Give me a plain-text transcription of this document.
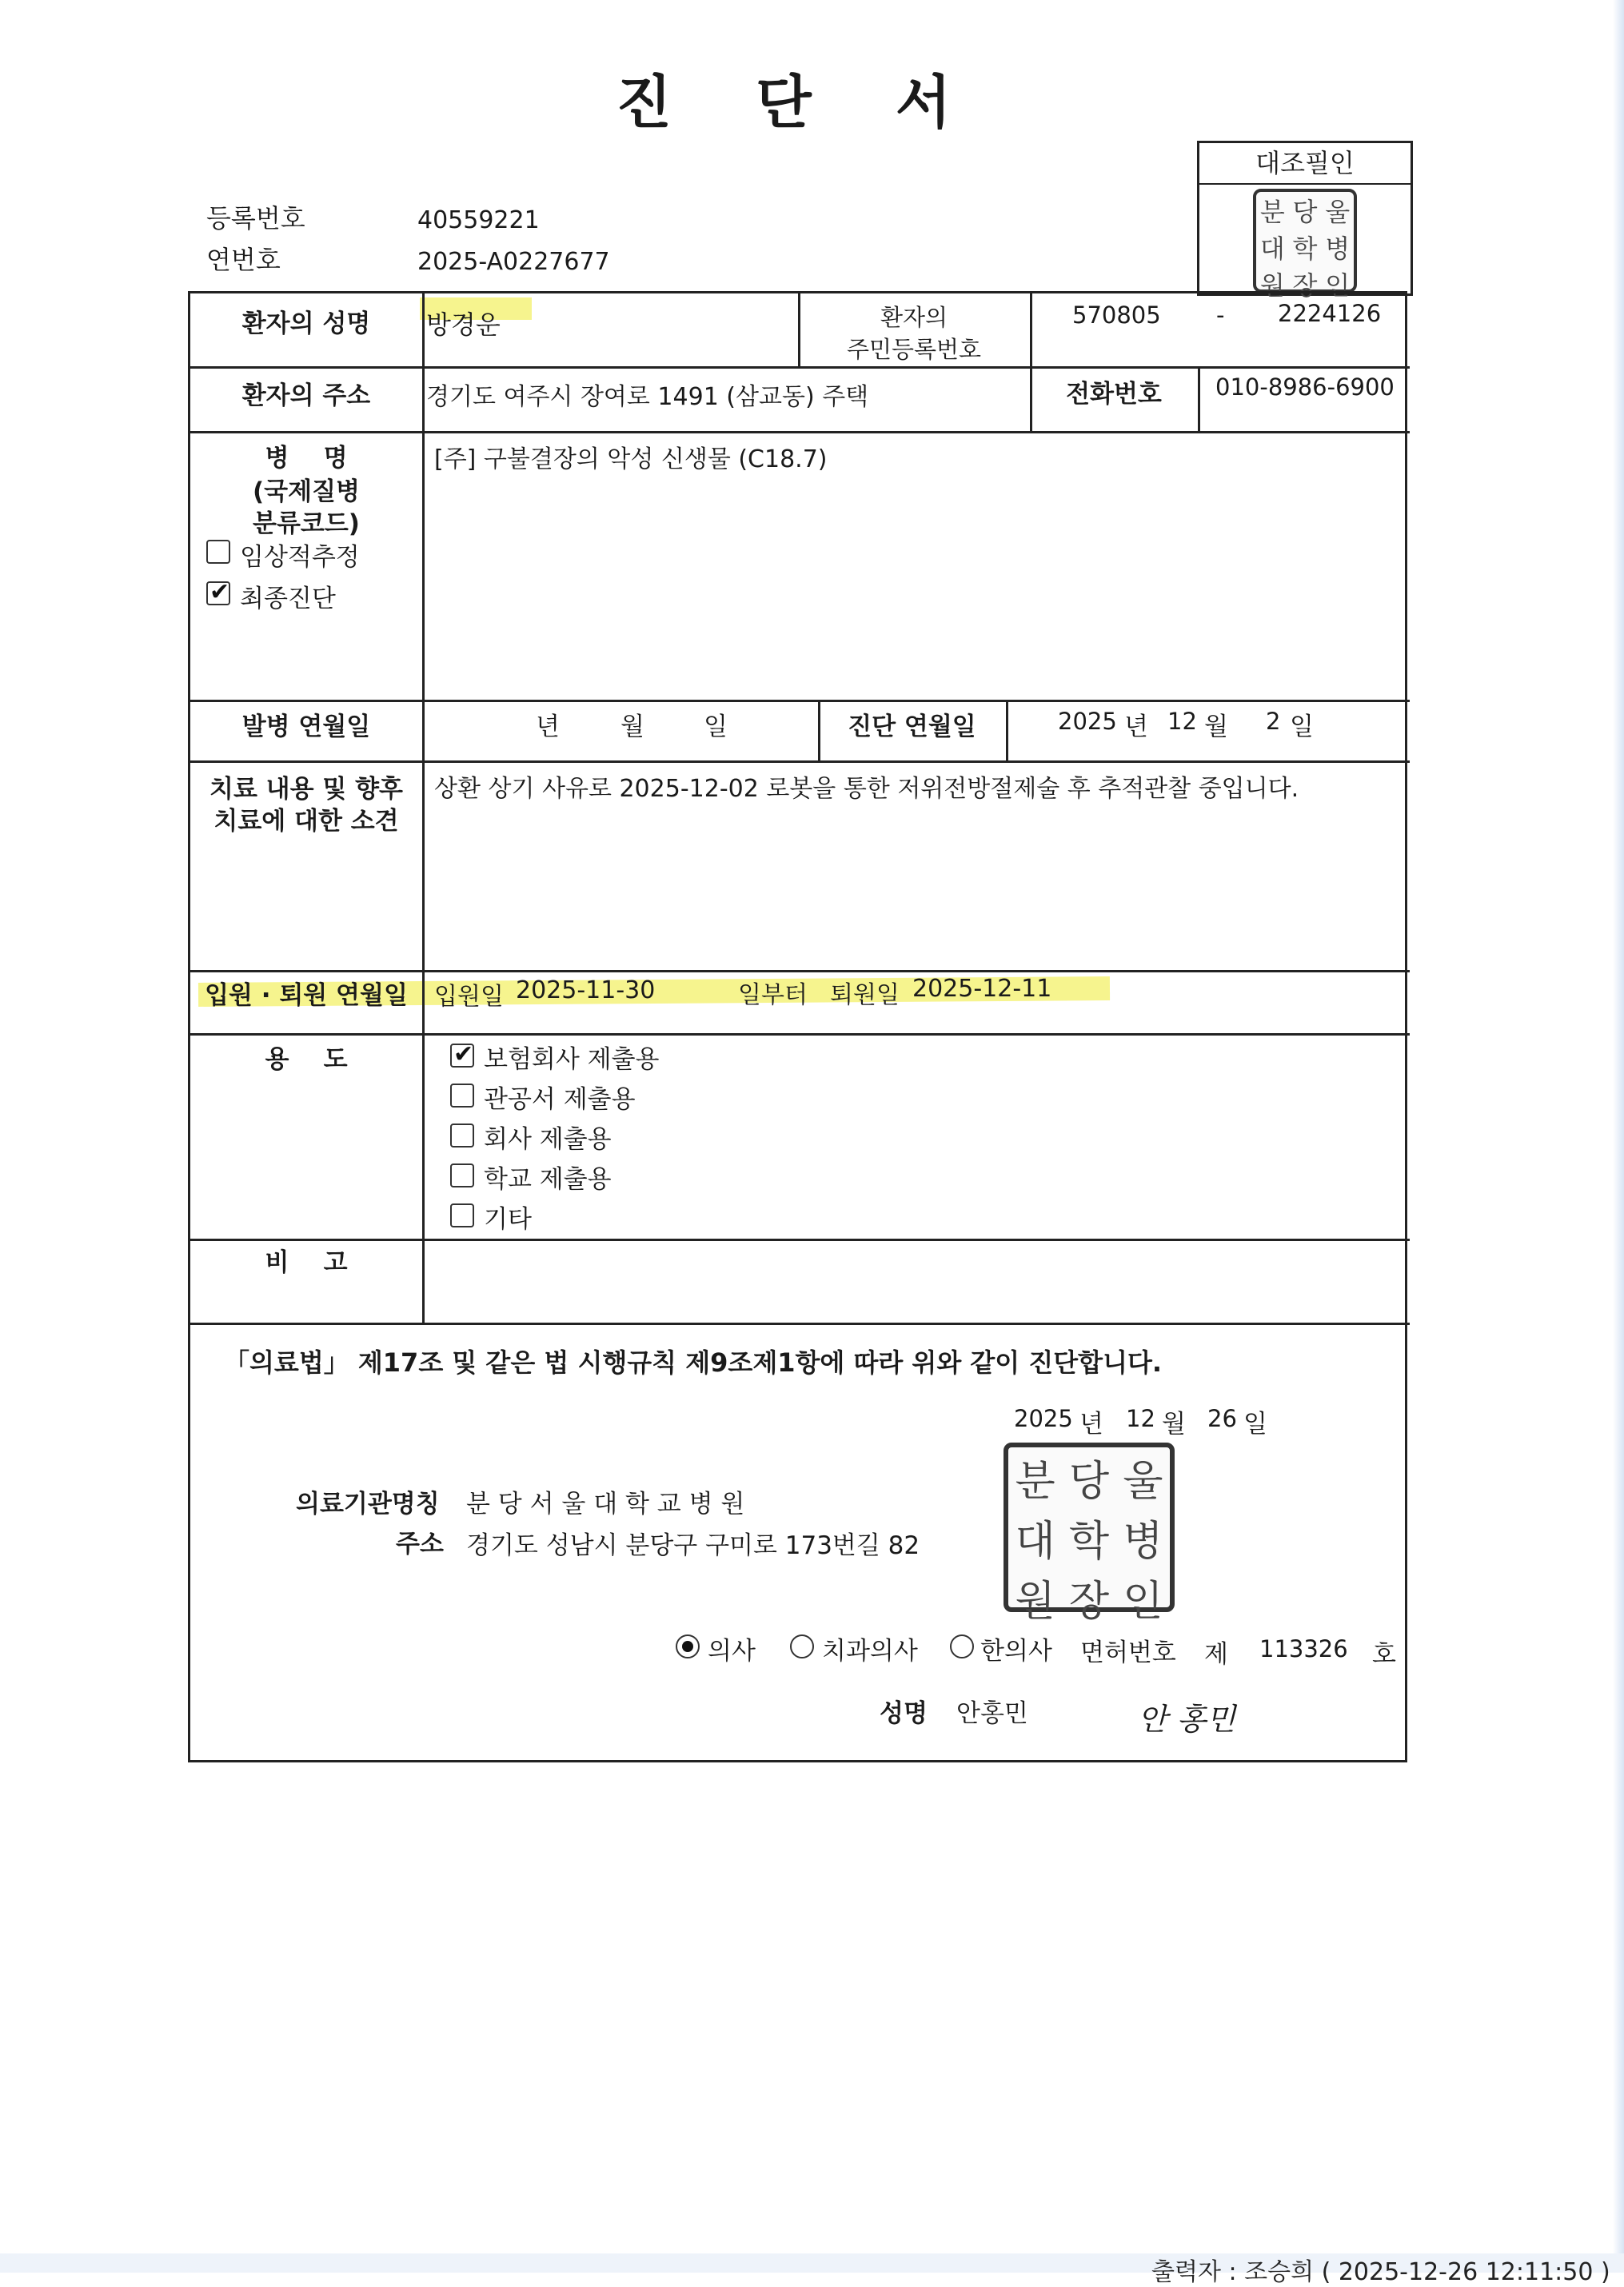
진 단 서
등록번호	40559221
연번호	2025-A0227677
대조필인
분 당 울
대 학 병
원 장 인
환자의 성명	방경운	환자의
주민등록번호
570805 - 2224126
환자의 주소	경기도 여주시 장여로 1491 (삼교동) 주택	전화번호	010-8986-6900
병    명
(국제질병
분류코드)
임상적추정
✔
최종진단
[주] 구불결장의 악성 신생물 (C18.7)
발병 연월일	년 월 일	진단 연월일	2025 년 12 월 2 일
치료 내용 및 향후
치료에 대한 소견
상환 상기 사유로 2025-12-02 로봇을 통한 저위전방절제술 후 추적관찰 중입니다.
입원 · 퇴원 연월일	입원일 2025-11-30	일부터 퇴원일 2025-12-11
용    도
✔	보험회사 제출용
관공서 제출용
회사 제출용
학교 제출용
기타
비    고
「의료법」 제17조 및 같은 법 시행규칙 제9조제1항에 따라 위와 같이 진단합니다.
2025 년 12 월 26 일
의료기관명칭 분 당 서 울 대 학 교 병 원
주소 경기도 성남시 분당구 구미로 173번길 82
의사	치과의사	한의사 면허번호 제 113326 호
성명 안홍민	안 홍민
분 당 울
대 학 병
원 장 인
출력자 : 조승희 ( 2025-12-26 12:11:50 )
